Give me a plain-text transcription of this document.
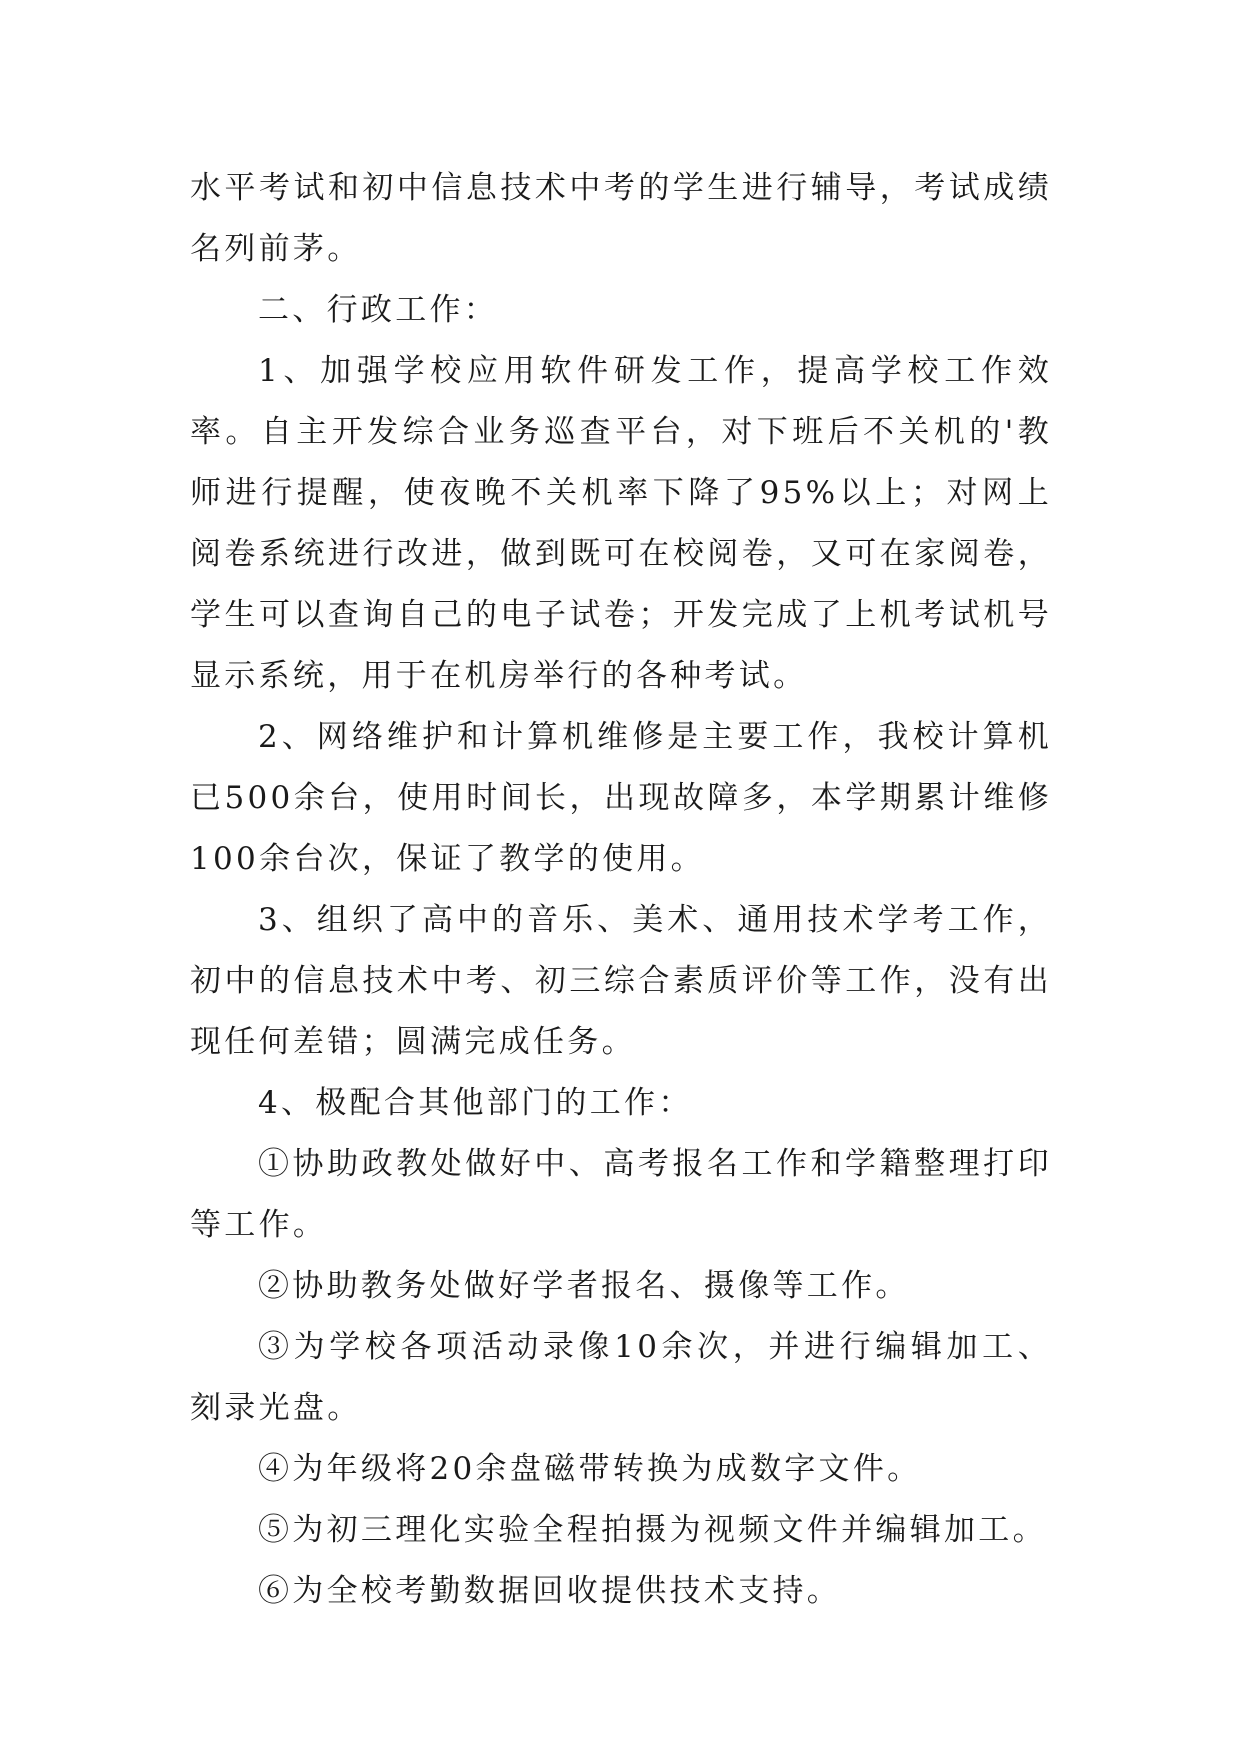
水平考试和初中信息技术中考的学生进行辅导，考试成绩名列前茅。

二、行政工作：

1、加强学校应用软件研发工作，提高学校工作效率。自主开发综合业务巡查平台，对下班后不关机的'教师进行提醒，使夜晚不关机率下降了95%以上；对网上阅卷系统进行改进，做到既可在校阅卷，又可在家阅卷，学生可以查询自己的电子试卷；开发完成了上机考试机号显示系统，用于在机房举行的各种考试。

2、网络维护和计算机维修是主要工作，我校计算机已500余台，使用时间长，出现故障多，本学期累计维修100余台次，保证了教学的使用。

3、组织了高中的音乐、美术、通用技术学考工作，初中的信息技术中考、初三综合素质评价等工作，没有出现任何差错；圆满完成任务。

4、极配合其他部门的工作：

①协助政教处做好中、高考报名工作和学籍整理打印等工作。

②协助教务处做好学者报名、摄像等工作。

③为学校各项活动录像10余次，并进行编辑加工、刻录光盘。

④为年级将20余盘磁带转换为成数字文件。

⑤为初三理化实验全程拍摄为视频文件并编辑加工。

⑥为全校考勤数据回收提供技术支持。
